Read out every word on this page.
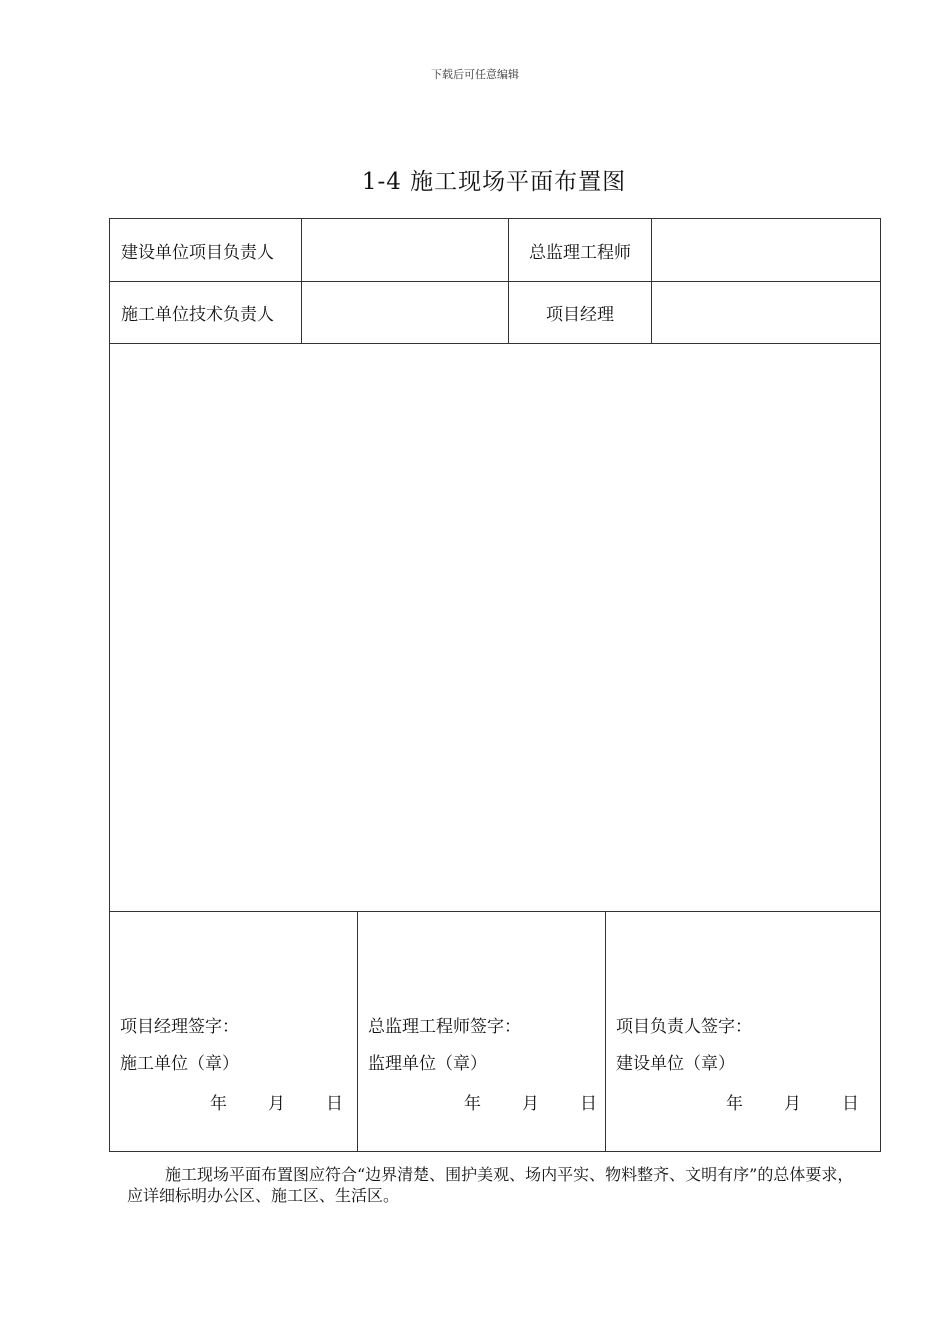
下载后可任意编辑
1-4 施工现场平面布置图
建设单位项目负责人	总监理工程师
施工单位技术负责人	项目经理
项目经理签字：
施工单位（章）
年	月	日
总监理工程师签字：
监理单位（章）
年	月	日
项目负责人签字：
建设单位（章）
年	月	日
施工现场平面布置图应符合“边界清楚、围护美观、场内平实、物料整齐、文明有序”的总体要求，应详细标明办公区、施工区、生活区。
